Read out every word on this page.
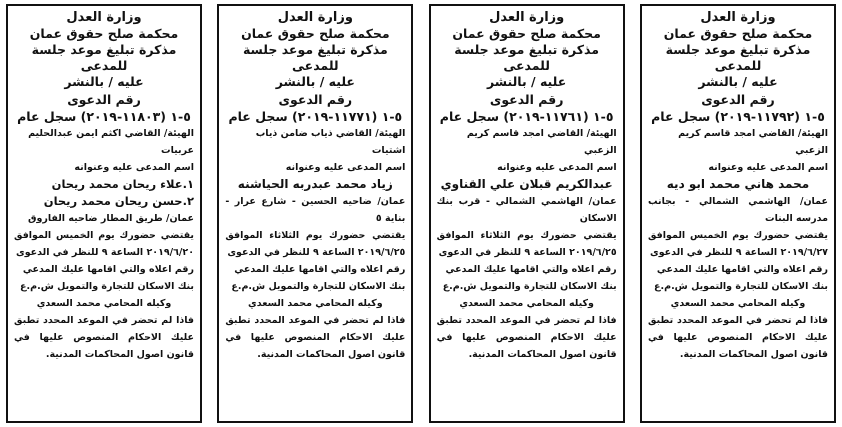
وزارة العدل
محكمة صلح حقوق عمان
مذكرة تبليغ موعد جلسة للمدعى
عليه / بالنشر
رقم الدعوى
٥-١ (١١٧٩٢-٢٠١٩) سجل عام
الهيئة/ القاضي امجد قاسم كريم الزعبي
اسم المدعى عليه وعنوانه
محمد هاني محمد ابو ديه
عمان/ الهاشمي الشمالي - بجانب مدرسه البنات
يقتضي حضورك يوم الخميس الموافق ٢٠١٩/٦/٢٧ الساعة ٩ للنظر في الدعوى
رقم اعلاه والتي اقامها عليك المدعي
بنك الاسكان للتجارة والتمويل ش.م.ع
وكيله المحامي محمد السعدي
فاذا لم تحضر في الموعد المحدد تطبق عليك الاحكام المنصوص عليها في قانون اصول المحاكمات المدنية.
وزارة العدل
محكمة صلح حقوق عمان
مذكرة تبليغ موعد جلسة للمدعى
عليه / بالنشر
رقم الدعوى
٥-١ (١١٧٦١-٢٠١٩) سجل عام
الهيئة/ القاضي امجد قاسم كريم الزعبي
اسم المدعى عليه وعنوانه
عبدالكريم قبلان علي القناوي
عمان/ الهاشمي الشمالي - قرب بنك الاسكان
يقتضي حضورك يوم الثلاثاء الموافق ٢٠١٩/٦/٢٥ الساعة ٩ للنظر في الدعوى
رقم اعلاه والتي اقامها عليك المدعي
بنك الاسكان للتجارة والتمويل ش.م.ع
وكيله المحامي محمد السعدي
فاذا لم تحضر في الموعد المحدد تطبق عليك الاحكام المنصوص عليها في قانون اصول المحاكمات المدنية.
وزارة العدل
محكمة صلح حقوق عمان
مذكرة تبليغ موعد جلسة للمدعى
عليه / بالنشر
رقم الدعوى
٥-١ (١١٧٧١-٢٠١٩) سجل عام
الهيئة/ القاضي ذياب ضامن ذياب اشتيات
اسم المدعى عليه وعنوانه
زياد محمد عبدربه الحياشنه
عمان/ ضاحيه الحسين - شارع عرار - بناية ٥
يقتضي حضورك يوم الثلاثاء الموافق ٢٠١٩/٦/٢٥ الساعة ٩ للنظر في الدعوى
رقم اعلاه والتي اقامها عليك المدعي
بنك الاسكان للتجارة والتمويل ش.م.ع
وكيله المحامي محمد السعدي
فاذا لم تحضر في الموعد المحدد تطبق عليك الاحكام المنصوص عليها في قانون اصول المحاكمات المدنية.
وزارة العدل
محكمة صلح حقوق عمان
مذكرة تبليغ موعد جلسة للمدعى
عليه / بالنشر
رقم الدعوى
٥-١ (١١٨٠٣-٢٠١٩) سجل عام
الهيئة/ القاضي اكثم ايمن عبدالحليم عربيات
اسم المدعى عليه وعنوانه
١.علاء ريحان محمد ريحان
٢.حسن ريحان محمد ريحان
عمان/ طريق المطار ضاحيه الفاروق
يقتضي حضورك يوم الخميس الموافق ٢٠١٩/٦/٢٠ الساعة ٩ للنظر في الدعوى
رقم اعلاه والتي اقامها عليك المدعي
بنك الاسكان للتجارة والتمويل ش.م.ع
وكيله المحامي محمد السعدي
فاذا لم تحضر في الموعد المحدد تطبق عليك الاحكام المنصوص عليها في قانون اصول المحاكمات المدنية.
